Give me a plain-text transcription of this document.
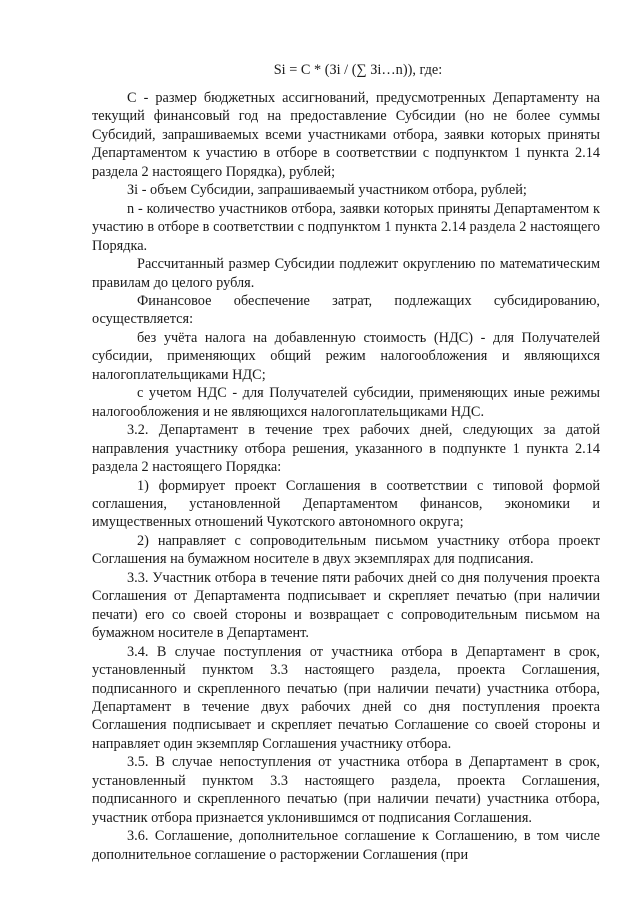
Si = C * (Зi / (∑ Зi…n)), где:

С - размер бюджетных ассигнований, предусмотренных Департаменту на текущий финансовый год на предоставление Субсидии (но не более суммы Субсидий, запрашиваемых всеми участниками отбора, заявки которых приняты Департаментом к участию в отборе в соответствии с подпунктом 1 пункта 2.14 раздела 2 настоящего Порядка), рублей;

Зi - объем Субсидии, запрашиваемый участником отбора, рублей;

n - количество участников отбора, заявки которых приняты Департаментом к участию в отборе в соответствии с подпунктом 1 пункта 2.14 раздела 2 настоящего Порядка.

Рассчитанный размер Субсидии подлежит округлению по математическим правилам до целого рубля.

Финансовое обеспечение затрат, подлежащих субсидированию, осуществляется:

без учёта налога на добавленную стоимость (НДС) - для Получателей субсидии, применяющих общий режим налогообложения и являющихся налогоплательщиками НДС;

с учетом НДС - для Получателей субсидии, применяющих иные режимы налогообложения и не являющихся налогоплательщиками НДС.

3.2. Департамент в течение трех рабочих дней, следующих за датой направления участнику отбора решения, указанного в подпункте 1 пункта 2.14 раздела 2 настоящего Порядка:

1) формирует проект Соглашения в соответствии с типовой формой соглашения, установленной Департаментом финансов, экономики и имущественных отношений Чукотского автономного округа;

2) направляет с сопроводительным письмом участнику отбора проект Соглашения на бумажном носителе в двух экземплярах для подписания.

3.3. Участник отбора в течение пяти рабочих дней со дня получения проекта Соглашения от Департамента подписывает и скрепляет печатью (при наличии печати) его со своей стороны и возвращает с сопроводительным письмом на бумажном носителе в Департамент.

3.4. В случае поступления от участника отбора в Департамент в срок, установленный пунктом 3.3 настоящего раздела, проекта Соглашения, подписанного и скрепленного печатью (при наличии печати) участника отбора, Департамент в течение двух рабочих дней со дня поступления проекта Соглашения подписывает и скрепляет печатью Соглашение со своей стороны и направляет один экземпляр Соглашения участнику отбора.

3.5. В случае непоступления от участника отбора в Департамент в срок, установленный пунктом 3.3 настоящего раздела, проекта Соглашения, подписанного и скрепленного печатью (при наличии печати) участника отбора, участник отбора признается уклонившимся от подписания Соглашения.

3.6. Соглашение, дополнительное соглашение к Соглашению, в том числе дополнительное соглашение о расторжении Соглашения (при
